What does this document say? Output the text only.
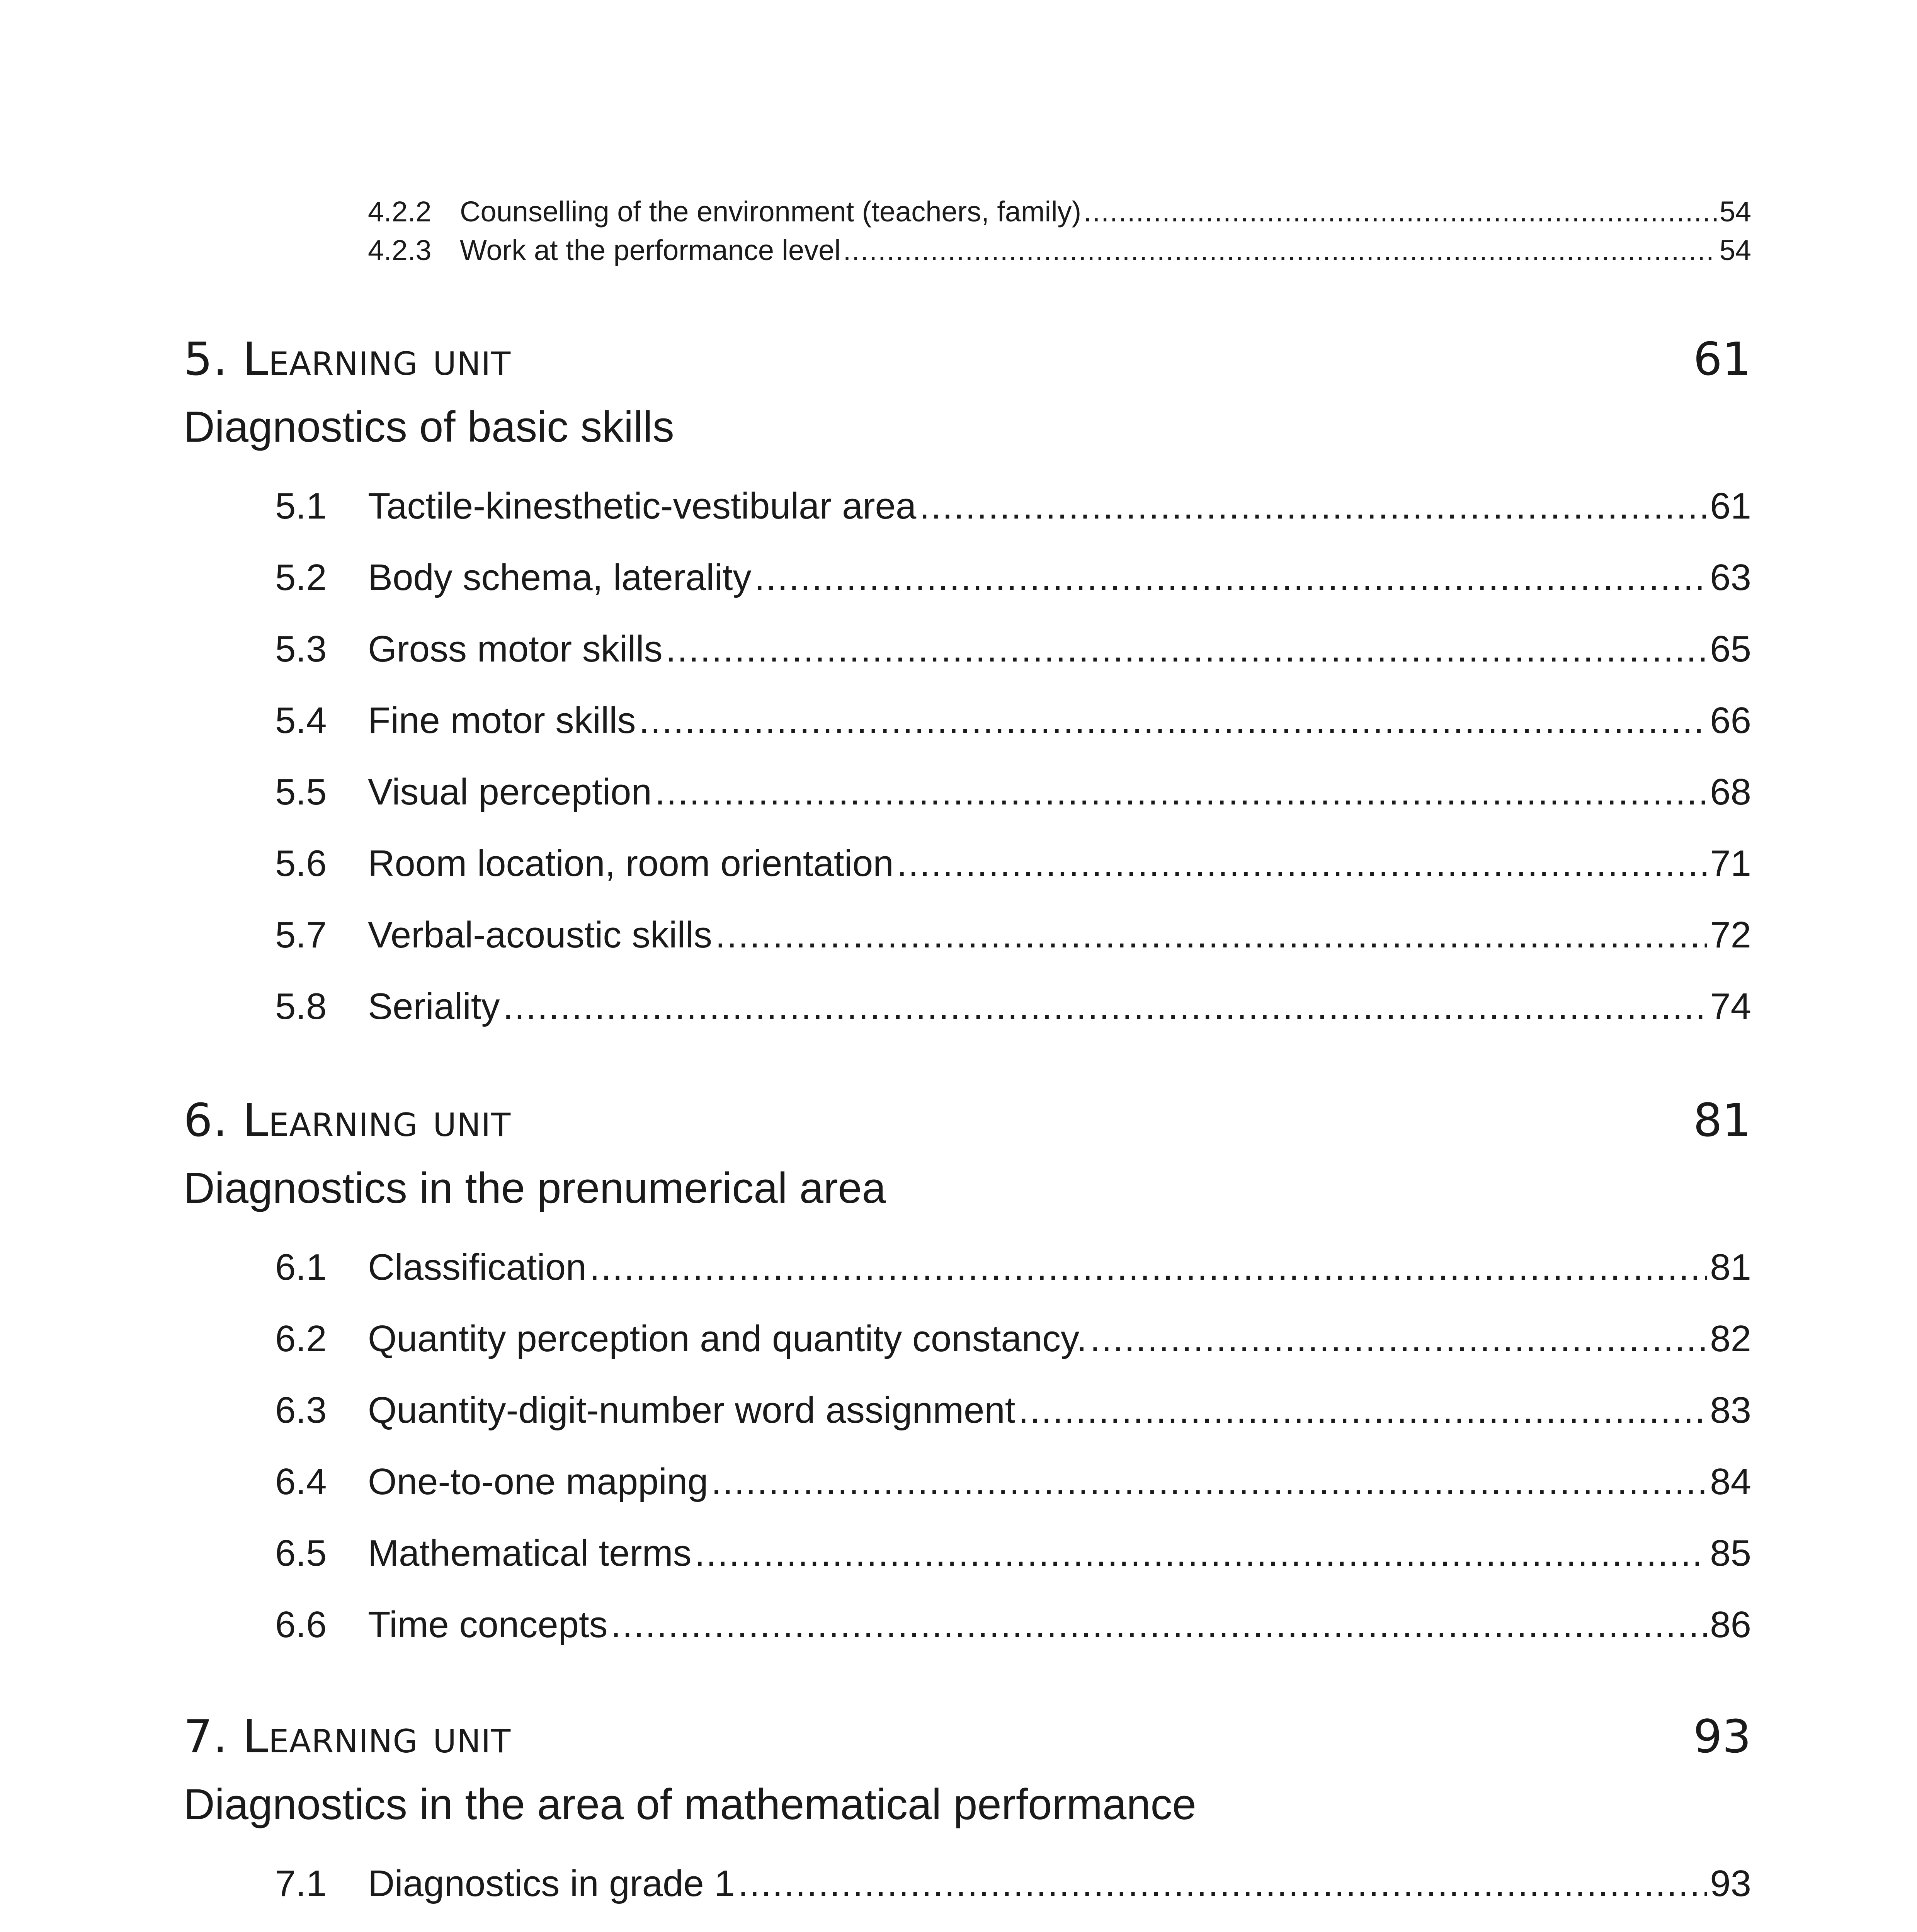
4.2.2 Counselling of the environment (teachers, family) .....	54
4.2.3 Work at the performance level .....	54
5. Learning unit	61
Diagnostics of basic skills
5.1	Tactile-kinesthetic-vestibular area .....	61
5.2	Body schema, laterality .....	63
5.3	Gross motor skills .....	65
5.4	Fine motor skills .....	66
5.5	Visual perception .....	68
5.6	Room location, room orientation .....	71
5.7	Verbal-acoustic skills .....	72
5.8	Seriality .....	74
6. Learning unit	81
Diagnostics in the prenumerical area
6.1	Classification .....	81
6.2	Quantity perception and quantity constancy. .....	82
6.3	Quantity-digit-number word assignment .....	83
6.4	One-to-one mapping .....	84
6.5	Mathematical terms .....	85
6.6	Time concepts .....	86
7. Learning unit	93
Diagnostics in the area of mathematical performance
7.1	Diagnostics in grade 1 .....	93
